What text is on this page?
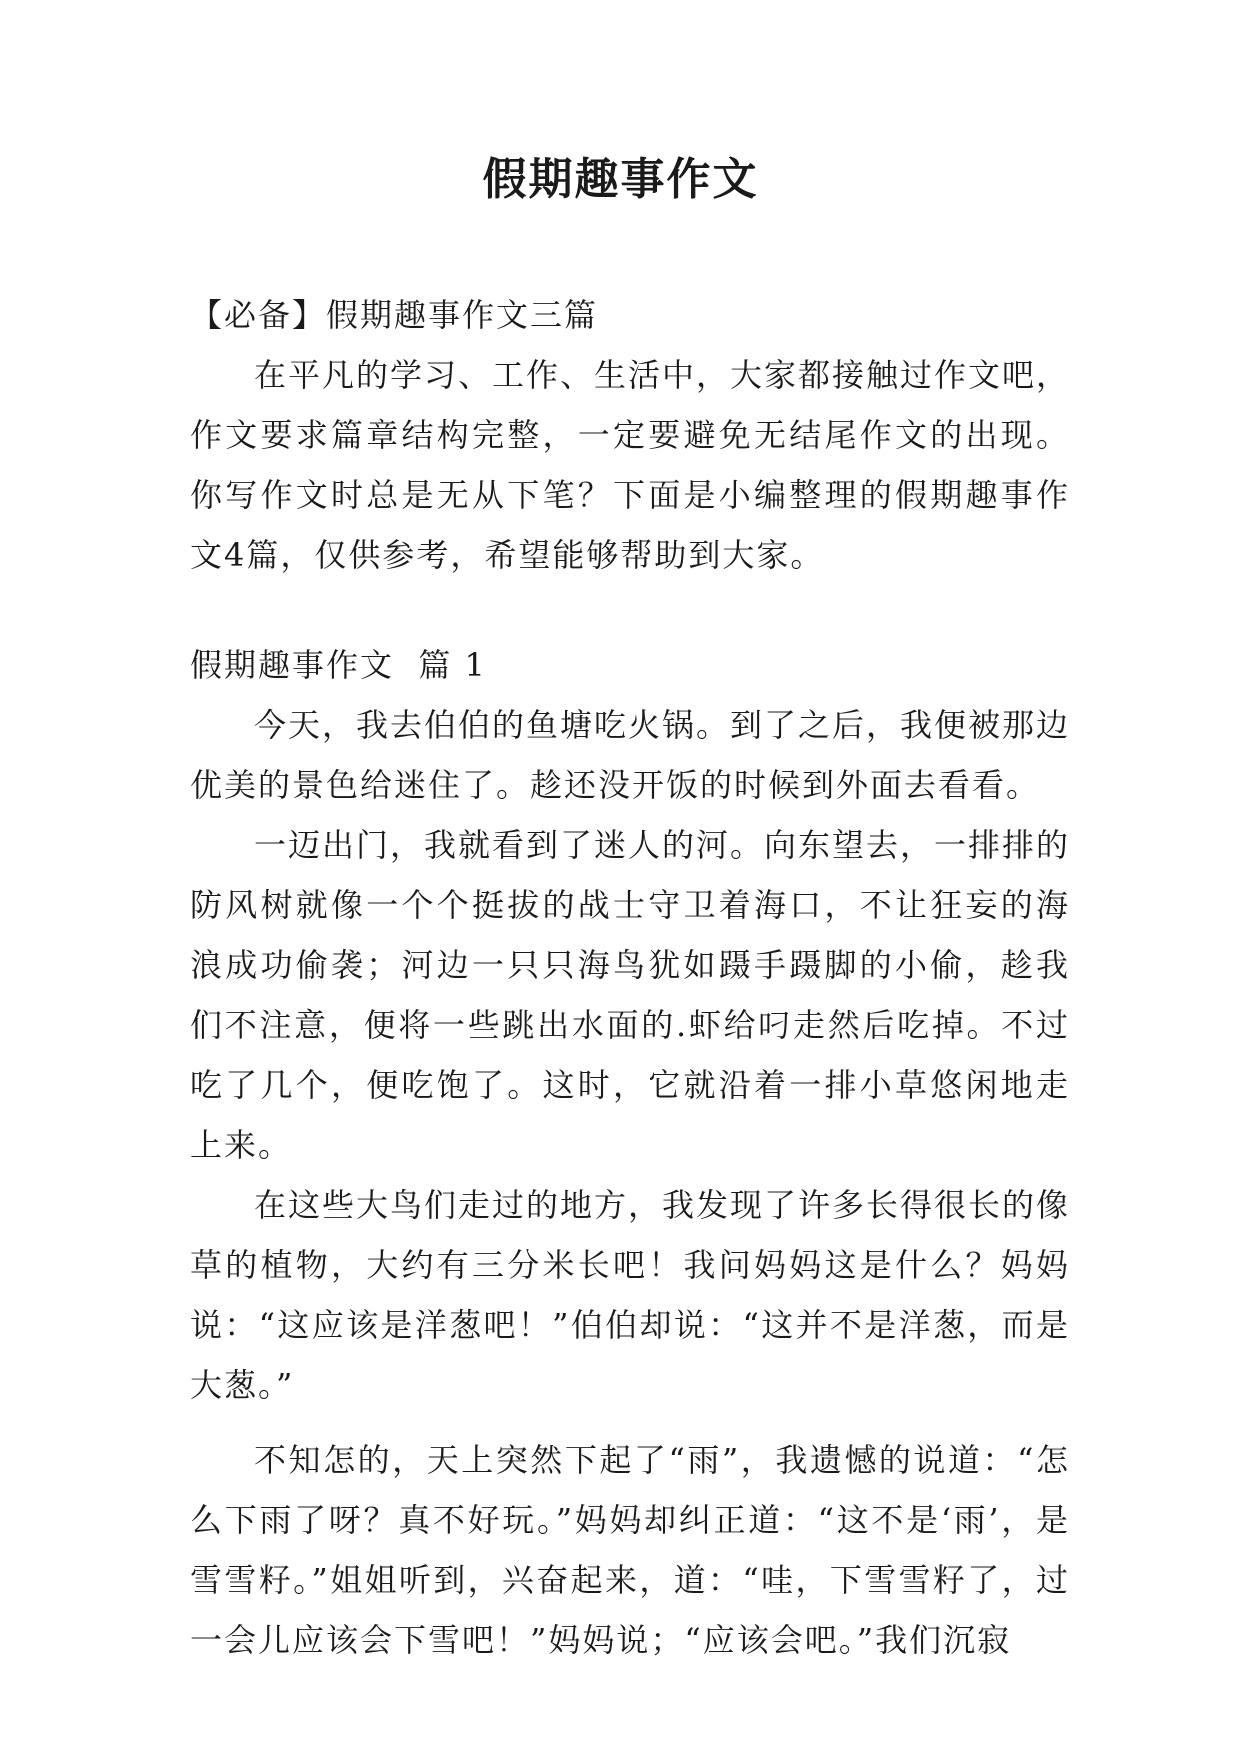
假期趣事作文

【必备】假期趣事作文三篇

在平凡的学习、工作、生活中，大家都接触过作文吧，作文要求篇章结构完整，一定要避免无结尾作文的出现。你写作文时总是无从下笔？下面是小编整理的假期趣事作文4篇，仅供参考，希望能够帮助到大家。

假期趣事作文  篇 1

今天，我去伯伯的鱼塘吃火锅。到了之后，我便被那边优美的景色给迷住了。趁还没开饭的时候到外面去看看。

一迈出门，我就看到了迷人的河。向东望去，一排排的防风树就像一个个挺拔的战士守卫着海口，不让狂妄的海浪成功偷袭；河边一只只海鸟犹如蹑手蹑脚的小偷，趁我们不注意，便将一些跳出水面的.虾给叼走然后吃掉。不过吃了几个，便吃饱了。这时，它就沿着一排小草悠闲地走上来。

在这些大鸟们走过的地方，我发现了许多长得很长的像草的植物，大约有三分米长吧！我问妈妈这是什么？妈妈说：“这应该是洋葱吧！”伯伯却说：“这并不是洋葱，而是大葱。”

不知怎的，天上突然下起了“雨”，我遗憾的说道：“怎么下雨了呀？真不好玩。”妈妈却纠正道：“这不是‘雨’，是雪雪籽。”姐姐听到，兴奋起来，道：“哇，下雪雪籽了，过一会儿应该会下雪吧！”妈妈说；“应该会吧。”我们沉寂
